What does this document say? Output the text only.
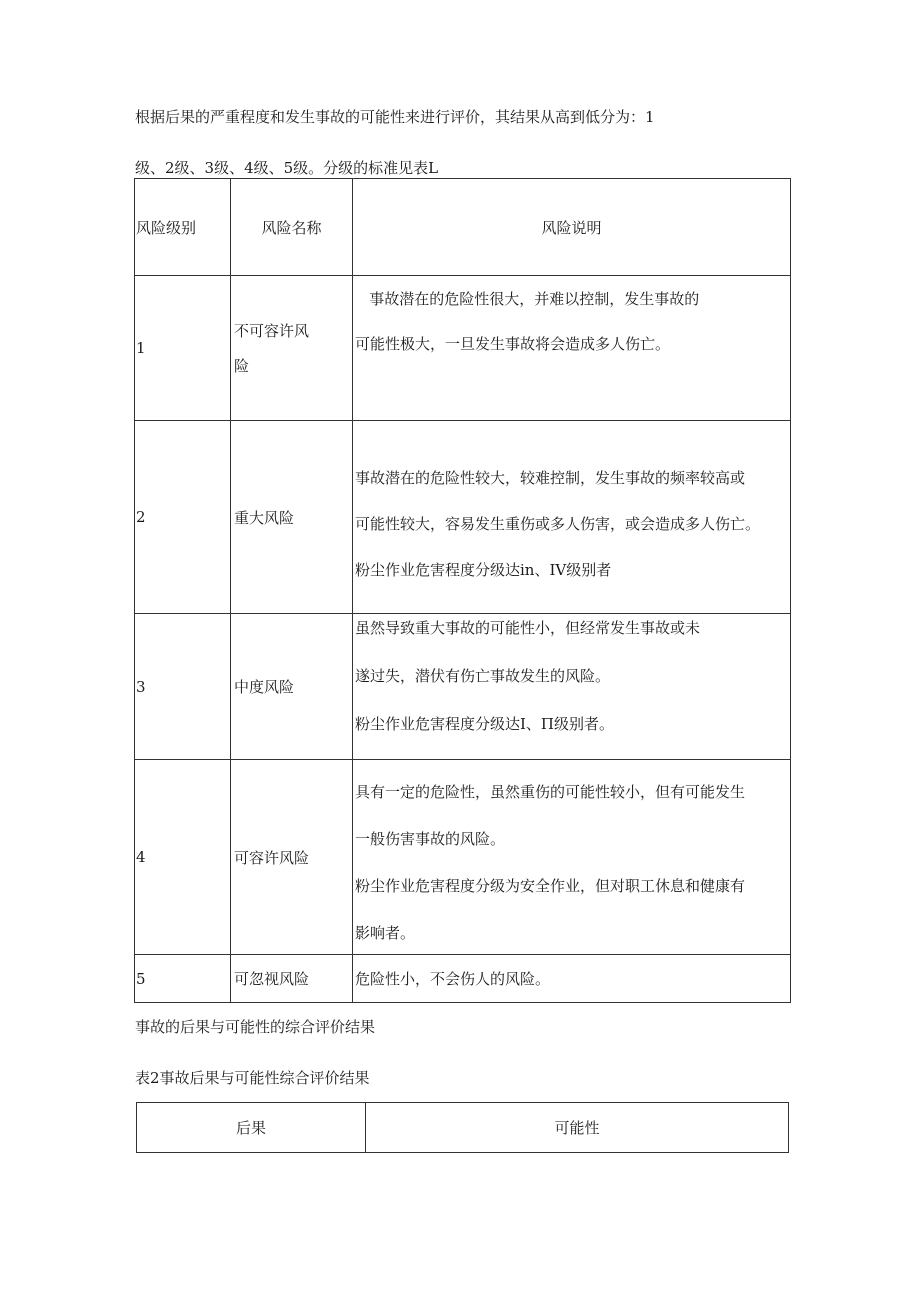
根据后果的严重程度和发生事故的可能性来进行评价，其结果从高到低分为：1
级、2级、3级、4级、5级。分级的标准见表L
风险级别	风险名称	风险说明
1	不可容许风
险	事故潜在的危险性很大，并难以控制，发生事故的
可能性极大，一旦发生事故将会造成多人伤亡。

2	重大风险	事故潜在的危险性较大，较难控制，发生事故的频率较高或
可能性较大，容易发生重伤或多人伤害，或会造成多人伤亡。
粉尘作业危害程度分级达in、IV级别者

3	中度风险	虽然导致重大事故的可能性小，但经常发生事故或未
遂过失，潜伏有伤亡事故发生的风险。
粉尘作业危害程度分级达I、Π级别者。

4	可容许风险	具有一定的危险性，虽然重伤的可能性较小，但有可能发生
一般伤害事故的风险。
粉尘作业危害程度分级为安全作业，但对职工休息和健康有
影响者。

5	可忽视风险	危险性小，不会伤人的风险。
事故的后果与可能性的综合评价结果
表2事故后果与可能性综合评价结果
后果	可能性
